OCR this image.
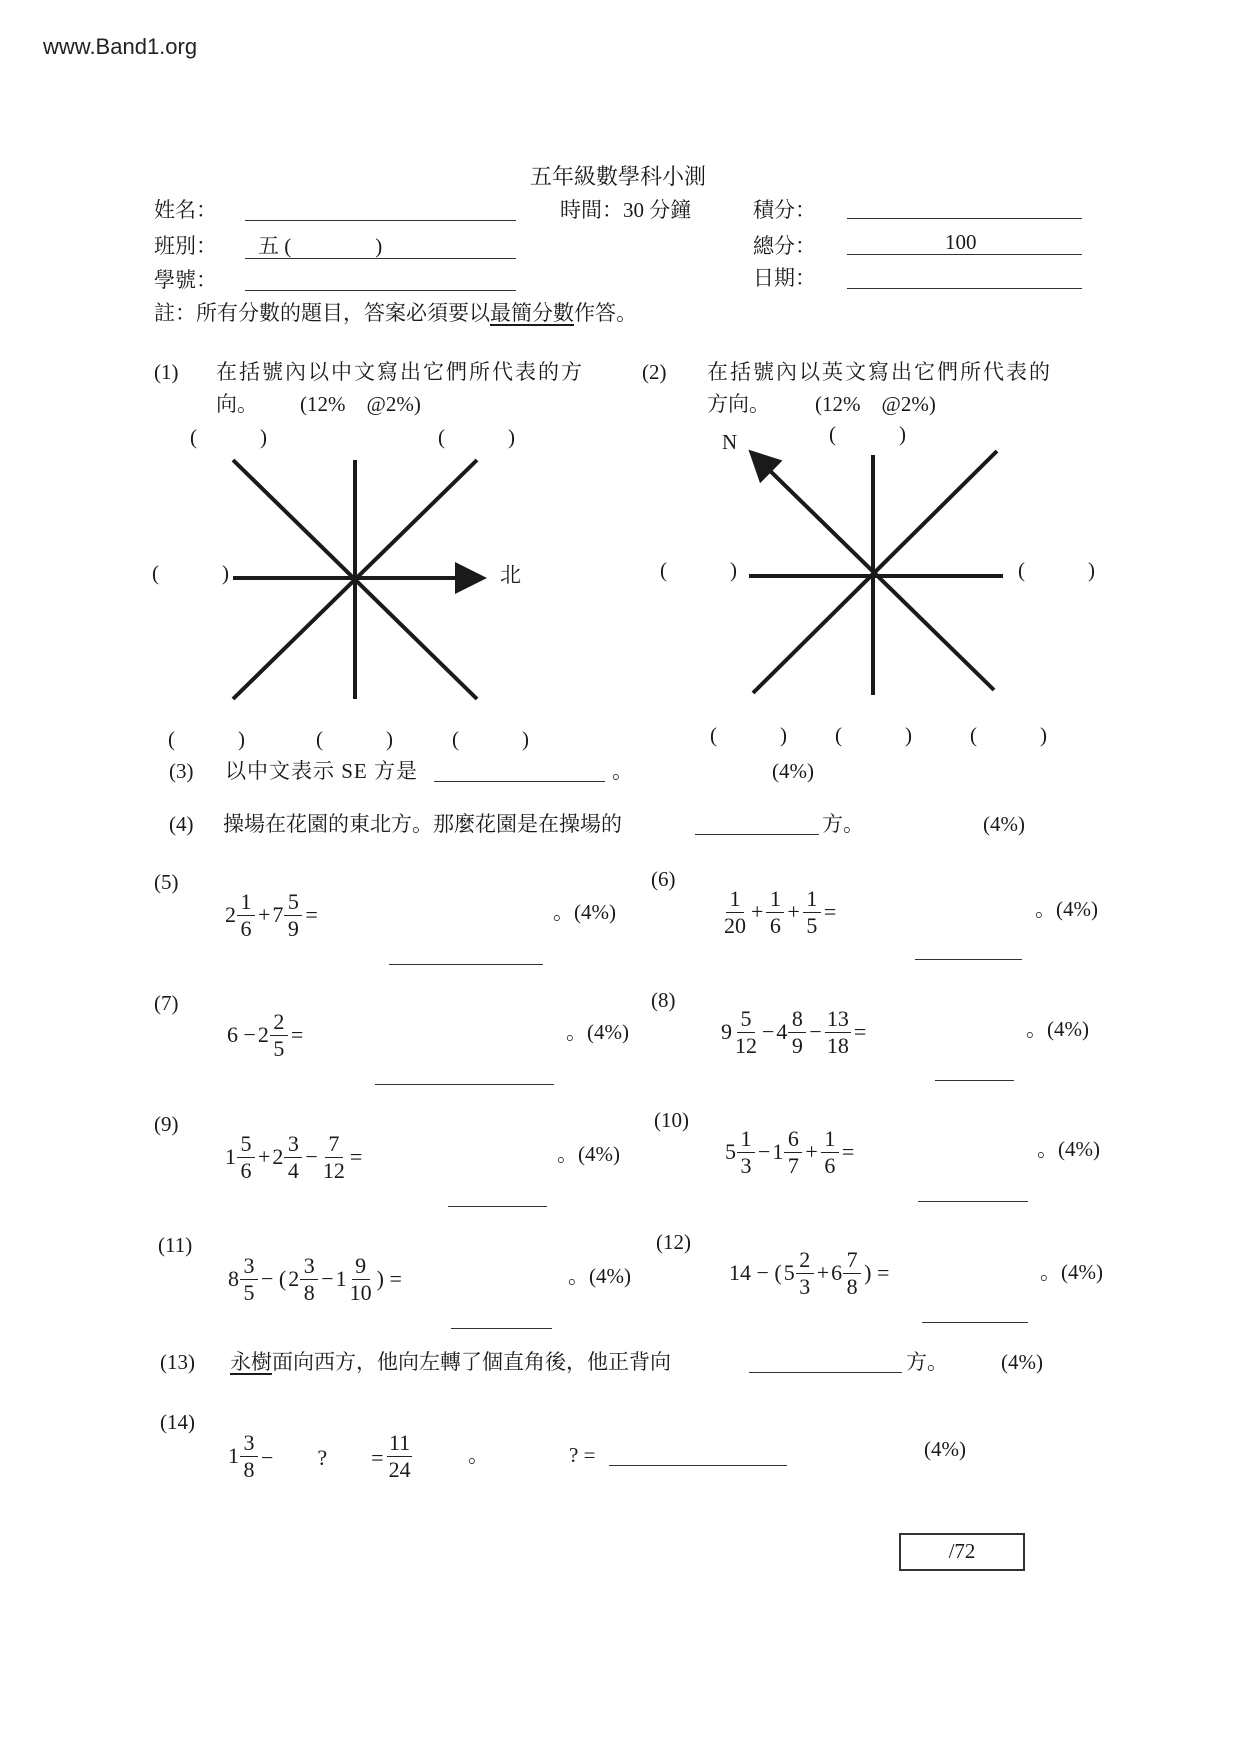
www.Band1.org
五年級數學科小測
姓名：	時間：30 分鐘	積分：
班別： 五 (　　　　)	總分：	100
學號：	日期：
註：所有分數的題目，答案必須要以最簡分數作答。
(1) 在括號內以中文寫出它們所代表的方
向。 (12%　@2%)
(2) 在括號內以英文寫出它們所代表的
方向。 (12%　@2%)
北
N
(　　　)	(　　　)
(　　　)
(　　　)	(　　　)	(　　　)
(　　　)
(　　　)	(　　　)
(　　　) (　　　)	(　　　)
(3) 以中文表示 SE 方是	。	(4%)
(4) 操場在花園的東北方。那麼花園是在操場的	方。	(4%)
(5)
$2 \frac{1}{6} + 7 \frac{5}{9}$ =	。(4%)
(6)
$\frac{1}{20} + \frac{1}{6} + \frac{1}{5}$ =	。(4%)
(7)
$6 - 2 \frac{2}{5}$ =	。(4%)
(8)
$9 \frac{5}{12} - 4 \frac{8}{9} - \frac{13}{18}$ =	。(4%)
(9)
$1 \frac{5}{6} + 2 \frac{3}{4} - \frac{7}{12}$ =	。(4%)
(10)
$5 \frac{1}{3} - 1 \frac{6}{7} + \frac{1}{6}$ =	。(4%)
(11)
$8 \frac{3}{5}$ − ( $2 \frac{3}{8} - 1 \frac{9}{10}$ ) =	。(4%)
(12)
14 − ( $5 \frac{2}{3} + 6 \frac{7}{8}$ ) =	。(4%)
(13) 永樹面向西方，他向左轉了個直角後，他正背向	方。	(4%)
(14)
$1 \frac{3}{8}$ −　　?　　= $\frac{11}{24}$	。	? =	(4%)
/72
